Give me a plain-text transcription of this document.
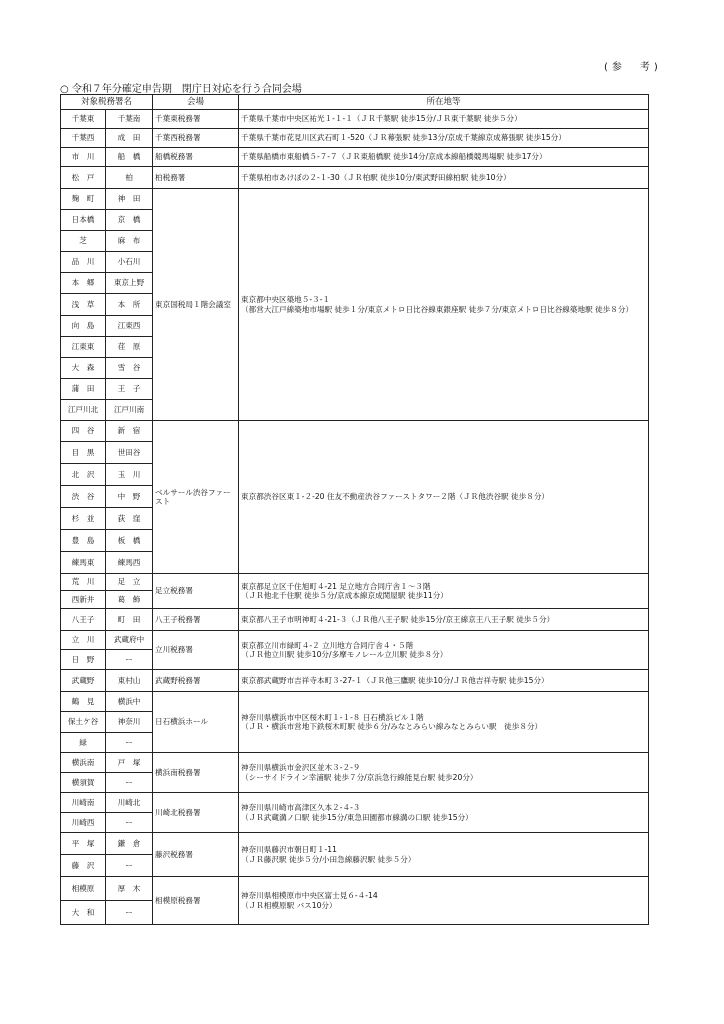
(参　考)
○ 令和７年分確定申告期　閉庁日対応を行う合同会場
対象税務署名		会場	所在地等
千葉東	千葉南	千葉東税務署	千葉県千葉市中央区祐光１-１-１（ＪＲ千葉駅 徒歩15分/ＪＲ東千葉駅 徒歩５分）

千葉西	成　田	千葉西税務署	千葉県千葉市花見川区武石町１-520（ＪＲ幕張駅 徒歩13分/京成千葉線京成幕張駅 徒歩15分）

市　川	船　橋	船橋税務署	千葉県船橋市東船橋５-７-７（ＪＲ東船橋駅 徒歩14分/京成本線船橋競馬場駅 徒歩17分）

松　戸	柏	柏税務署	千葉県柏市あけぼの２-１-30（ＪＲ柏駅 徒歩10分/東武野田線柏駅 徒歩10分）

麹　町	神　田	東京国税局１階会議室	東京都中央区築地５-３-１
（都営大江戸線築地市場駅 徒歩１分/東京メトロ日比谷線東銀座駅 徒歩７分/東京メトロ日比谷線築地駅 徒歩８分）

日本橋	京　橋		
芝	麻　布		
品　川	小石川		
本　郷	東京上野		
浅　草	本　所		
向　島	江東西		
江東東	荏　原		
大　森	雪　谷		
蒲　田	王　子		
江戸川北	江戸川南		
四　谷	新　宿	ベルサール渋谷ファースト	東京都渋谷区東１-２-20 住友不動産渋谷ファーストタワー２階（ＪＲ他渋谷駅 徒歩８分）

目　黒	世田谷		
北　沢	玉　川		
渋　谷	中　野		
杉　並	荻　窪		
豊　島	板　橋		
練馬東	練馬西		
荒　川	足　立	足立税務署	東京都足立区千住旭町４-21 足立地方合同庁舎１～３階
（ＪＲ他北千住駅 徒歩５分/京成本線京成関屋駅 徒歩11分）

西新井	葛　飾		
八王子	町　田	八王子税務署	東京都八王子市明神町４-21-３（ＪＲ他八王子駅 徒歩15分/京王線京王八王子駅 徒歩５分）

立　川	武蔵府中	立川税務署	東京都立川市緑町４-２ 立川地方合同庁舎４・５階
（ＪＲ他立川駅 徒歩10分/多摩モノレール立川駅 徒歩８分）

日　野	ー		
武蔵野	東村山	武蔵野税務署	東京都武蔵野市吉祥寺本町３-27-１（ＪＲ他三鷹駅 徒歩10分/ＪＲ他吉祥寺駅 徒歩15分）

鶴　見	横浜中	日石横浜ホール	神奈川県横浜市中区桜木町１-１-８ 日石横浜ビル１階
（ＪＲ・横浜市営地下鉄桜木町駅 徒歩６分/みなとみらい線みなとみらい駅　徒歩８分）

保土ケ谷	神奈川		
緑	ー		
横浜南	戸　塚	横浜南税務署	神奈川県横浜市金沢区並木３-２-９
（シーサイドライン幸浦駅 徒歩７分/京浜急行線能見台駅 徒歩20分）

横須賀	ー		
川崎南	川崎北	川崎北税務署	神奈川県川崎市高津区久本２-４-３
（ＪＲ武蔵溝ノ口駅 徒歩15分/東急田園都市線溝の口駅 徒歩15分）

川崎西	ー		
平　塚	鎌　倉	藤沢税務署	神奈川県藤沢市朝日町１-11
（ＪＲ藤沢駅 徒歩５分/小田急線藤沢駅 徒歩５分）

藤　沢	ー		
相模原	厚　木	相模原税務署	神奈川県相模原市中央区富士見６-４-14
（ＪＲ相模原駅 バス10分）

大　和	ー		
